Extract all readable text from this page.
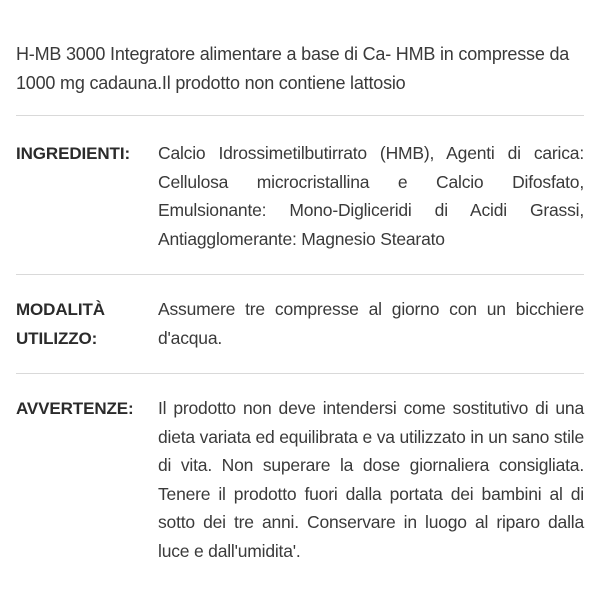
H-MB 3000 Integratore alimentare a base di Ca- HMB in compresse da 1000 mg cadauna.Il prodotto non contiene lattosio

INGREDIENTI:	Calcio Idrossimetilbutirrato (HMB), Agenti di carica: Cellulosa microcristallina e Calcio Difosfato, Emulsionante: Mono-Digliceridi di Acidi Grassi, Antiagglomerante: Magnesio Stearato
MODALITÀ
UTILIZZO:
Assumere tre compresse al giorno con un bicchiere d'acqua.
AVVERTENZE:	Il prodotto non deve intendersi come sostitutivo di una dieta variata ed equilibrata e va utilizzato in un sano stile di vita. Non superare la dose giornaliera consigliata. Tenere il prodotto fuori dalla portata dei bambini al di sotto dei tre anni. Conservare in luogo al riparo dalla luce e dall'umidita'.
